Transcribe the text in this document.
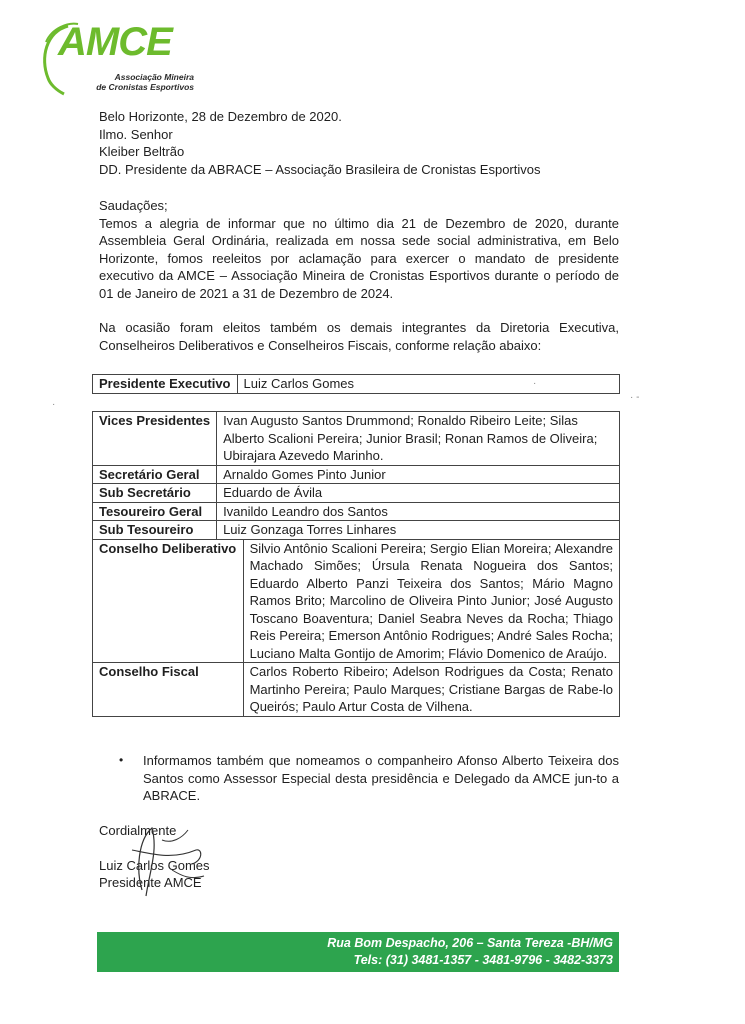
AMCE
Associação Mineira
de Cronistas Esportivos

Belo Horizonte, 28 de Dezembro de 2020.

Ilmo. Senhor

Kleiber Beltrão

DD. Presidente da ABRACE – Associação Brasileira de Cronistas Esportivos

Saudações;

Temos a alegria de informar que no último dia 21 de Dezembro de 2020, durante Assembleia Geral Ordinária, realizada em nossa sede social administrativa, em Belo Horizonte, fomos reeleitos por aclamação para exercer o mandato de presidente executivo da AMCE – Associação Mineira de Cronistas Esportivos durante o período de 01 de Janeiro de 2021 a 31 de Dezembro de 2024.

Na ocasião foram eleitos também os demais integrantes da Diretoria Executiva, Conselheiros Deliberativos e Conselheiros Fiscais, conforme relação abaixo:

Presidente Executivo	Luiz Carlos Gomes
Vices Presidentes	Ivan Augusto Santos Drummond; Ronaldo Ribeiro Leite; Silas Alberto Scalioni Pereira; Junior Brasil; Ronan Ramos de Oliveira; Ubirajara Azevedo Marinho.	
Secretário Geral	Arnaldo Gomes Pinto Junior	
Sub Secretário	Eduardo de Ávila	
Tesoureiro Geral	Ivanildo Leandro dos Santos	
Sub Tesoureiro	Luiz Gonzaga Torres Linhares	
Conselho Deliberativo		Silvio Antônio Scalioni Pereira; Sergio Elian Moreira; Alexandre Machado Simões; Úrsula Renata Nogueira dos Santos; Eduardo Alberto Panzi Teixeira dos Santos; Mário Magno Ramos Brito; Marcolino de Oliveira Pinto Junior; José Augusto Toscano Boaventura; Daniel Seabra Neves da Rocha; Thiago Reis Pereira; Emerson Antônio Rodrigues; André Sales Rocha; Luciano Malta Gontijo de Amorim; Flávio Domenico de Araújo.
Conselho Fiscal		Carlos Roberto Ribeiro; Adelson Rodrigues da Costa; Renato Martinho Pereira; Paulo Marques; Cristiane Bargas de Rabe-lo Queirós; Paulo Artur Costa de Vilhena.
• Informamos também que nomeamos o companheiro Afonso Alberto Teixeira dos Santos como Assessor Especial desta presidência e Delegado da AMCE jun-to a ABRACE.

Cordialmente

Luiz Carlos Gomes

Presidente AMCE

Rua Bom Despacho, 206 – Santa Tereza -BH/MG
Tels: (31) 3481-1357 - 3481-9796 - 3482-3373
·
· -
·
